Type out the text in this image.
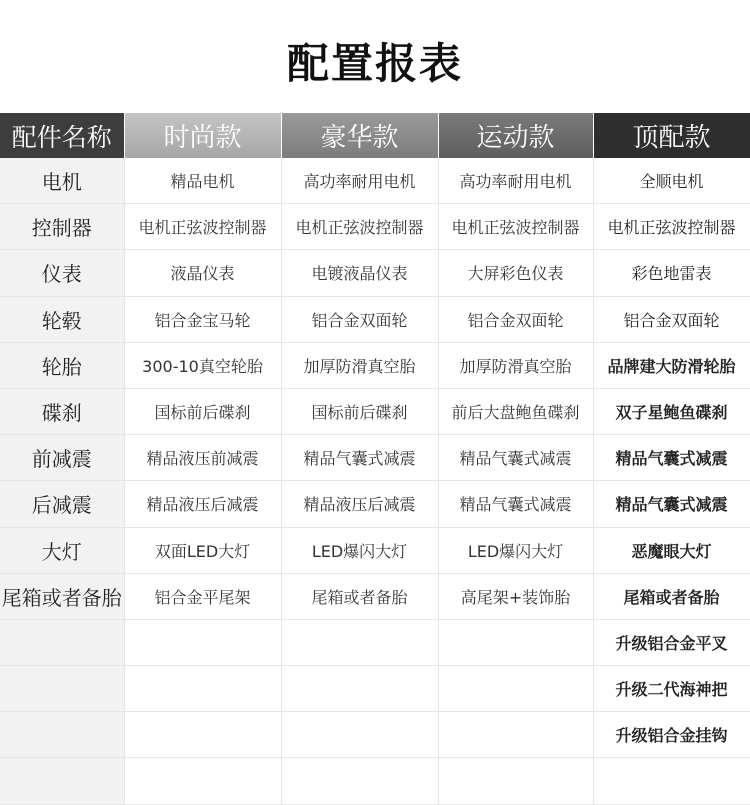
配置报表
配件名称	时尚款	豪华款	运动款	顶配款
电机	精品电机	高功率耐用电机	高功率耐用电机	全顺电机
控制器	电机正弦波控制器	电机正弦波控制器	电机正弦波控制器	电机正弦波控制器
仪表	液晶仪表	电镀液晶仪表	大屏彩色仪表	彩色地雷表
轮毂	铝合金宝马轮	铝合金双面轮	铝合金双面轮	铝合金双面轮
轮胎	300-10真空轮胎	加厚防滑真空胎	加厚防滑真空胎	品牌建大防滑轮胎
碟刹	国标前后碟刹	国标前后碟刹	前后大盘鲍鱼碟刹	双子星鲍鱼碟刹
前减震	精品液压前减震	精品气囊式减震	精品气囊式减震	精品气囊式减震
后减震	精品液压后减震	精品液压后减震	精品气囊式减震	精品气囊式减震
大灯	双面LED大灯	LED爆闪大灯	LED爆闪大灯	恶魔眼大灯
尾箱或者备胎	铝合金平尾架	尾箱或者备胎	高尾架+装饰胎	尾箱或者备胎
				升级铝合金平叉
				升级二代海神把
				升级铝合金挂钩
